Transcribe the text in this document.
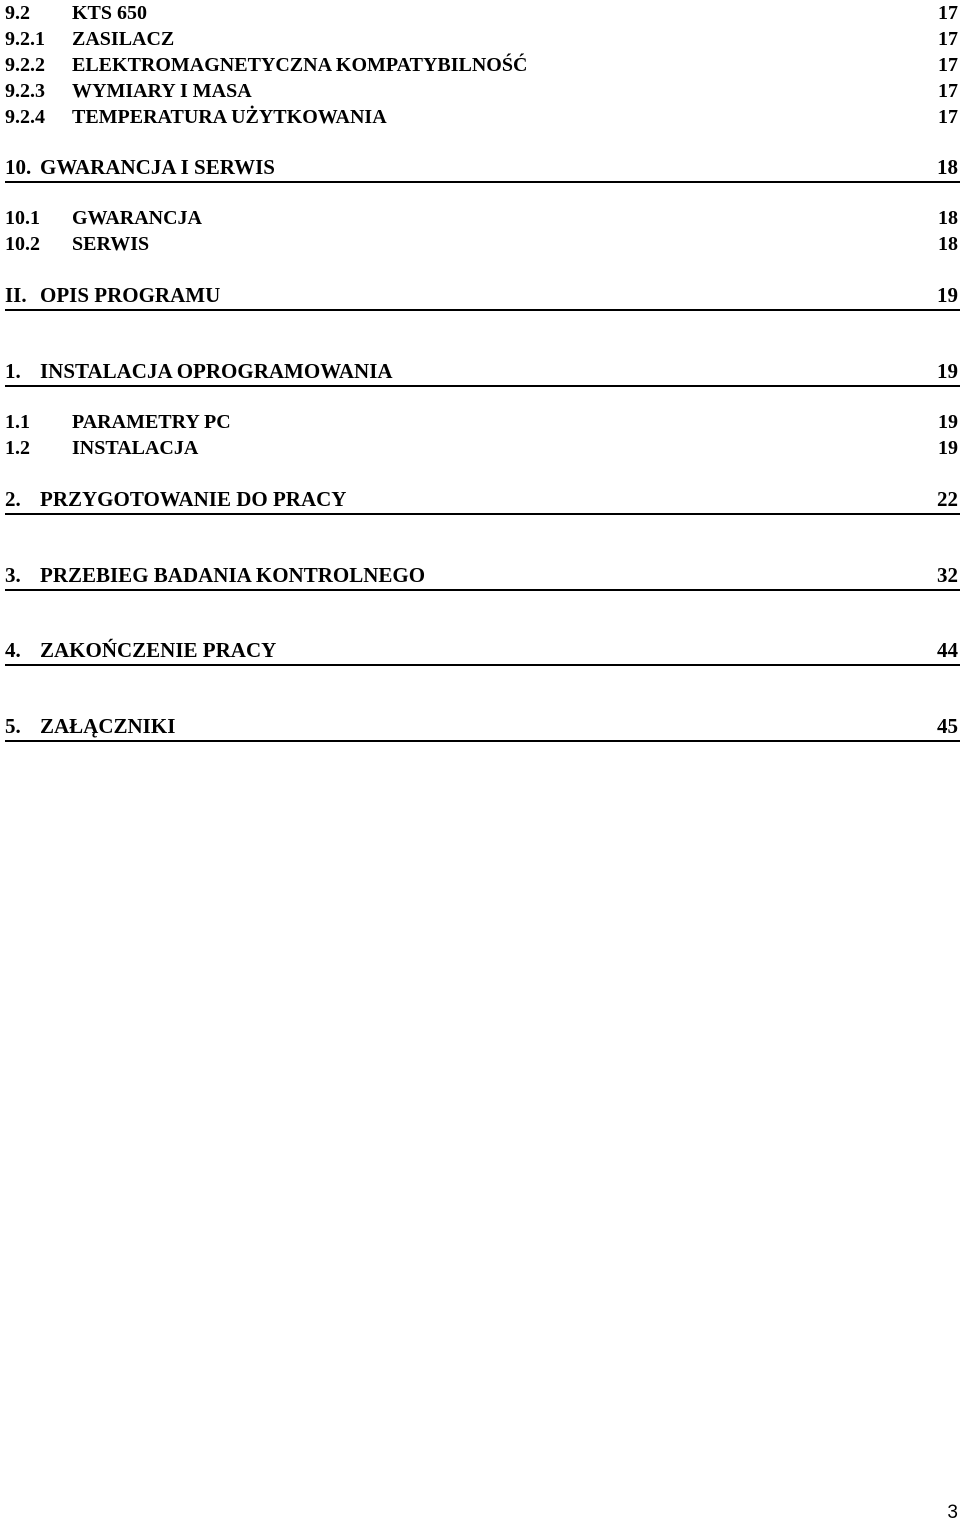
9.2 KTS 650	17
9.2.1 ZASILACZ	17
9.2.2 ELEKTROMAGNETYCZNA KOMPATYBILNOŚĆ	17
9.2.3 WYMIARY I MASA	17
9.2.4 TEMPERATURA UŻYTKOWANIA	17
10. GWARANCJA I SERWIS	18
10.1 GWARANCJA	18
10.2 SERWIS	18
II. OPIS PROGRAMU	19
1. INSTALACJA OPROGRAMOWANIA	19
1.1 PARAMETRY PC	19
1.2 INSTALACJA	19
2. PRZYGOTOWANIE DO PRACY	22
3. PRZEBIEG BADANIA KONTROLNEGO	32
4. ZAKOŃCZENIE PRACY	44
5. ZAŁĄCZNIKI	45
3
